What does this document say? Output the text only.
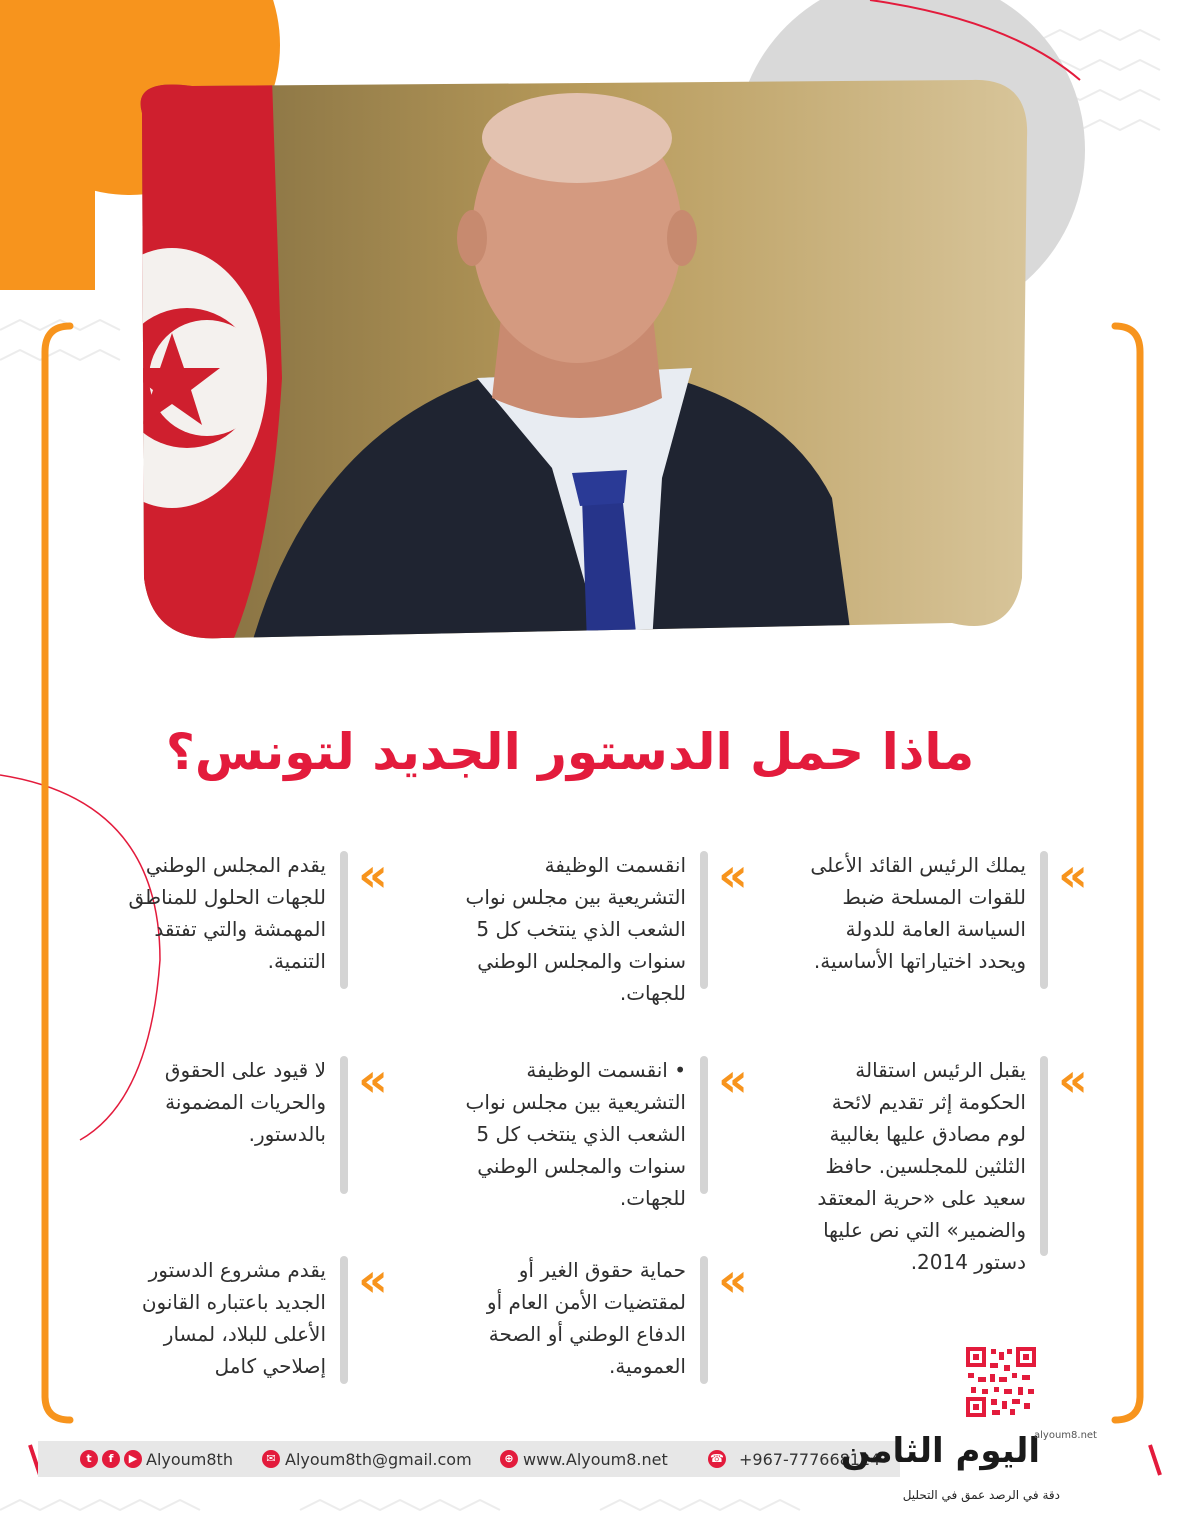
ماذا حمل الدستور الجديد لتونس؟
»
يملك الرئيس القائد الأعلى
للقوات المسلحة ضبط
السياسة العامة للدولة
ويحدد اختياراتها الأساسية.
»
يقبل الرئيس استقالة
الحكومة إثر تقديم لائحة
لوم مصادق عليها بغالبية
الثلثين للمجلسين. حافظ
سعيد على «حرية المعتقد
والضمير» التي نص عليها
دستور 2014.
»
انقسمت الوظيفة
التشريعية بين مجلس نواب
الشعب الذي ينتخب كل 5
سنوات والمجلس الوطني
للجهات.
»
• انقسمت الوظيفة
التشريعية بين مجلس نواب
الشعب الذي ينتخب كل 5
سنوات والمجلس الوطني
للجهات.
»
حماية حقوق الغير أو
لمقتضيات الأمن العام أو
الدفاع الوطني أو الصحة
العمومية.
»
يقدم المجلس الوطني
للجهات الحلول للمناطق
المهمشة والتي تفتقد
التنمية.
»
لا قيود على الحقوق
والحريات المضمونة
بالدستور.
»
يقدم مشروع الدستور
الجديد باعتباره القانون
الأعلى للبلاد، لمسار
إصلاحي كامل
t	f	▶ Alyoum8th	✉ Alyoum8th@gmail.com	⊕ www.Alyoum8.net	☎ +967-777668124
اليوم الثامن
alyoum8.net
دقة في الرصد عمق في التحليل
